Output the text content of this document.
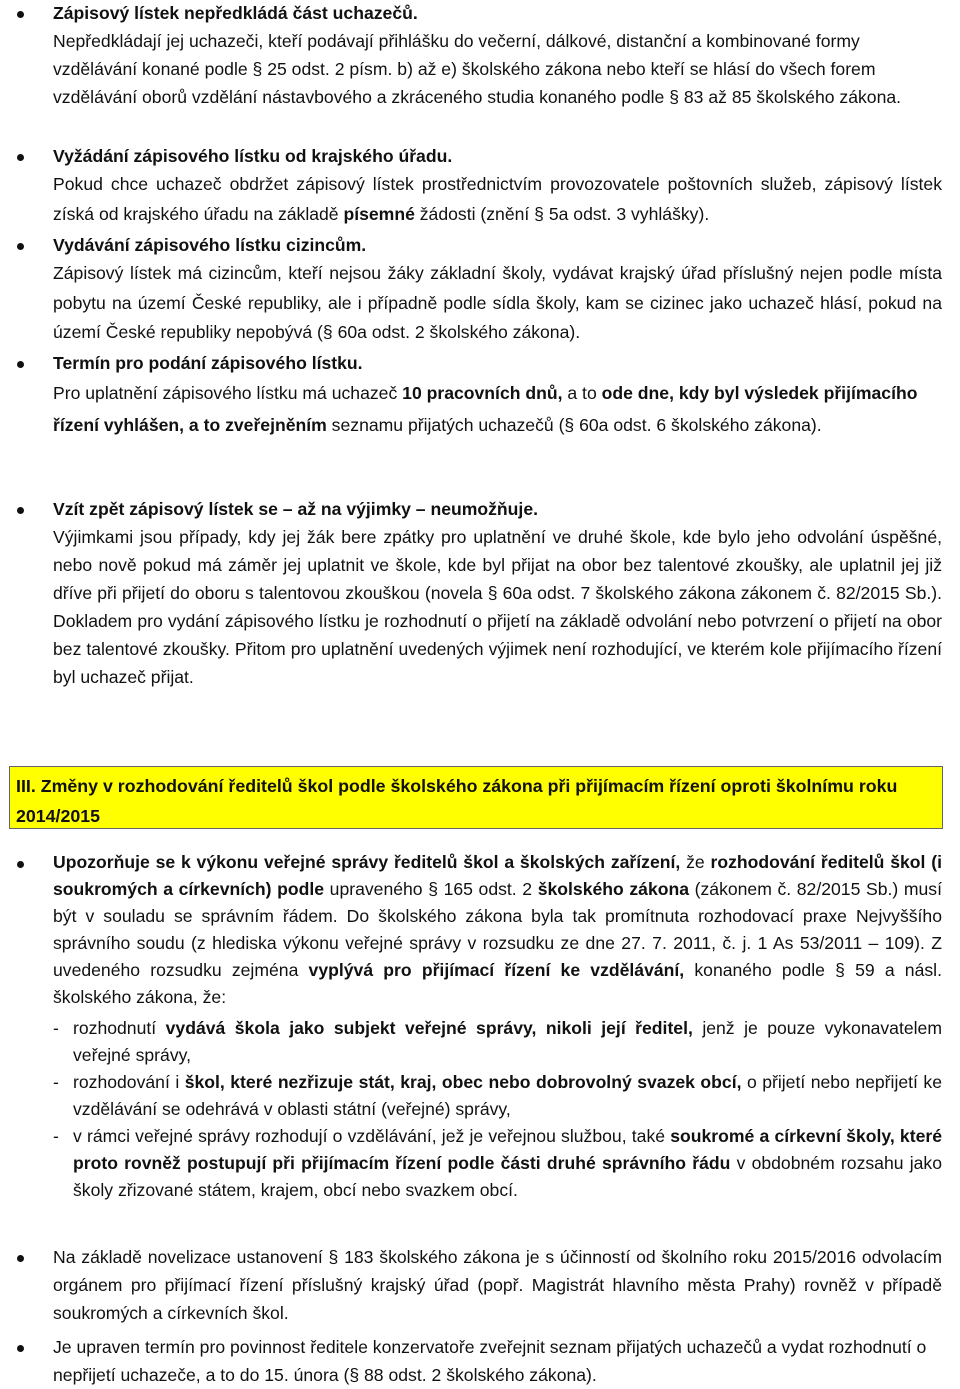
Zápisový lístek nepředkládá část uchazečů.

Nepředkládají jej uchazeči, kteří podávají přihlášku do večerní, dálkové, distanční a kombinované formy vzdělávání konané podle § 25 odst. 2 písm. b) až e) školského zákona nebo kteří se hlásí do všech forem vzdělávání oborů vzdělání nástavbového a zkráceného studia konaného podle § 83 až 85 školského zákona.

Vyžádání zápisového lístku od krajského úřadu.

Pokud chce uchazeč obdržet zápisový lístek prostřednictvím provozovatele poštovních služeb, zápisový lístek získá od krajského úřadu na základě písemné žádosti (znění § 5a odst. 3 vyhlášky).

Vydávání zápisového lístku cizincům.

Zápisový lístek má cizincům, kteří nejsou žáky základní školy, vydávat krajský úřad příslušný nejen podle místa pobytu na území České republiky, ale i případně podle sídla školy, kam se cizinec jako uchazeč hlásí, pokud na území České republiky nepobývá (§ 60a odst. 2 školského zákona).

Termín pro podání zápisového lístku.

Pro uplatnění zápisového lístku má uchazeč 10 pracovních dnů, a to ode dne, kdy byl výsledek přijímacího řízení vyhlášen, a to zveřejněním seznamu přijatých uchazečů (§ 60a odst. 6 školského zákona).

Vzít zpět zápisový lístek se – až na výjimky – neumožňuje.

Výjimkami jsou případy, kdy jej žák bere zpátky pro uplatnění ve druhé škole, kde bylo jeho odvolání úspěšné, nebo nově pokud má záměr jej uplatnit ve škole, kde byl přijat na obor bez talentové zkoušky, ale uplatnil jej již dříve při přijetí do oboru s talentovou zkouškou (novela § 60a odst. 7 školského zákona zákonem č. 82/2015 Sb.). Dokladem pro vydání zápisového lístku je rozhodnutí o přijetí na základě odvolání nebo potvrzení o přijetí na obor bez talentové zkoušky. Přitom pro uplatnění uvedených výjimek není rozhodující, ve kterém kole přijímacího řízení byl uchazeč přijat.

III. Změny v rozhodování ředitelů škol podle školského zákona při přijímacím řízení oproti školnímu roku 2014/2015

Upozorňuje se k výkonu veřejné správy ředitelů škol a školských zařízení, že rozhodování ředitelů škol (i soukromých a církevních) podle upraveného § 165 odst. 2 školského zákona (zákonem č. 82/2015 Sb.) musí být v souladu se správním řádem. Do školského zákona byla tak promítnuta rozhodovací praxe Nejvyššího správního soudu (z hlediska výkonu veřejné správy v rozsudku ze dne 27. 7. 2011, č. j. 1 As 53/2011 – 109). Z uvedeného rozsudku zejména vyplývá pro přijímací řízení ke vzdělávání, konaného podle § 59 a násl. školského zákona, že:

- rozhodnutí vydává škola jako subjekt veřejné správy, nikoli její ředitel, jenž je pouze vykonavatelem veřejné správy,
- rozhodování i škol, které nezřizuje stát, kraj, obec nebo dobrovolný svazek obcí, o přijetí nebo nepřijetí ke vzdělávání se odehrává v oblasti státní (veřejné) správy,
- v rámci veřejné správy rozhodují o vzdělávání, jež je veřejnou službou, také soukromé a církevní školy, které proto rovněž postupují při přijímacím řízení podle části druhé správního řádu v obdobném rozsahu jako školy zřizované státem, krajem, obcí nebo svazkem obcí.

Na základě novelizace ustanovení § 183 školského zákona je s účinností od školního roku 2015/2016 odvolacím orgánem pro přijímací řízení příslušný krajský úřad (popř. Magistrát hlavního města Prahy) rovněž v případě soukromých a církevních škol.

Je upraven termín pro povinnost ředitele konzervatoře zveřejnit seznam přijatých uchazečů a vydat rozhodnutí o nepřijetí uchazeče, a to do 15. února (§ 88 odst. 2 školského zákona).
